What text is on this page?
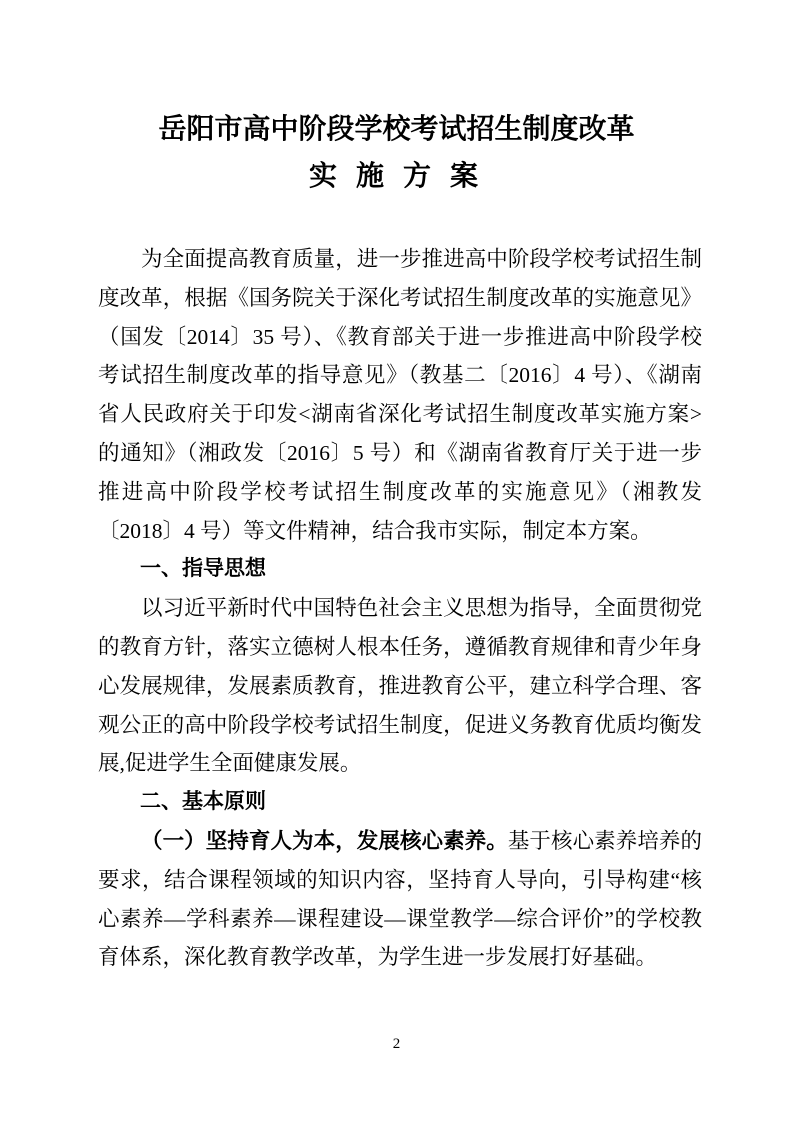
岳阳市高中阶段学校考试招生制度改革
实 施 方 案

为全面提高教育质量，进一步推进高中阶段学校考试招生制度改革，根据《国务院关于深化考试招生制度改革的实施意见》（国发〔2014〕35 号）、《教育部关于进一步推进高中阶段学校考试招生制度改革的指导意见》（教基二〔2016〕4 号）、《湖南省人民政府关于印发<湖南省深化考试招生制度改革实施方案>的通知》（湘政发〔2016〕5 号）和《湖南省教育厅关于进一步推进高中阶段学校考试招生制度改革的实施意见》（湘教发〔2018〕4 号）等文件精神，结合我市实际，制定本方案。

一、指导思想

以习近平新时代中国特色社会主义思想为指导，全面贯彻党的教育方针，落实立德树人根本任务，遵循教育规律和青少年身心发展规律，发展素质教育，推进教育公平，建立科学合理、客观公正的高中阶段学校考试招生制度，促进义务教育优质均衡发展,促进学生全面健康发展。

二、基本原则

（一）坚持育人为本，发展核心素养。基于核心素养培养的要求，结合课程领域的知识内容，坚持育人导向，引导构建“核心素养—学科素养—课程建设—课堂教学—综合评价”的学校教育体系，深化教育教学改革，为学生进一步发展打好基础。

2
